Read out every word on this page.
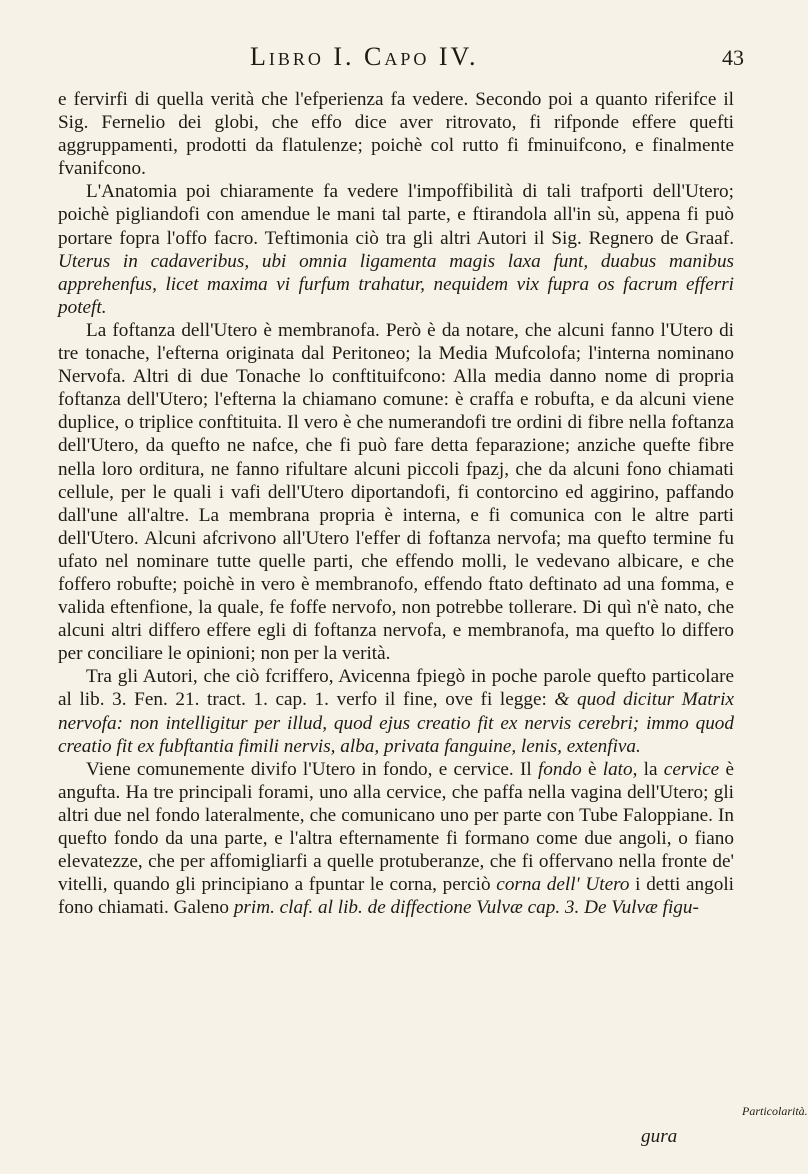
Libro I. Capo IV.	43

e fervirfi di quella verità che l'efperienza fa vedere. Secondo poi a quanto riferifce il Sig. Fernelio dei globi, che effo dice aver ritrovato, fi rifponde effere quefti aggruppamenti, prodotti da flatulenze; poichè col rutto fi fminuifcono, e finalmente fvanifcono.

L'Anatomia poi chiaramente fa vedere l'impoffibilità di tali trafporti dell'Utero; poichè pigliandofi con amendue le mani tal parte, e ftirandola all'in sù, appena fi può portare fopra l'offo facro. Teftimonia ciò tra gli altri Autori il Sig. Regnero de Graaf. Uterus in cadaveribus, ubi omnia ligamenta magis laxa funt, duabus manibus apprehenfus, licet maxima vi furfum trahatur, nequidem vix fupra os facrum efferri poteft.

La foftanza dell'Utero è membranofa. Però è da notare, che alcuni fanno l'Utero di tre tonache, l'efterna originata dal Peritoneo; la Media Mufcolofa; l'interna nominano Nervofa. Altri di due Tonache lo conftituifcono: Alla media danno nome di propria foftanza dell'Utero; l'efterna la chiamano comune: è craffa e robufta, e da alcuni viene duplice, o triplice conftituita. Il vero è che numerandofi tre ordini di fibre nella foftanza dell'Utero, da quefto ne nafce, che fi può fare detta feparazione; anziche quefte fibre nella loro orditura, ne fanno rifultare alcuni piccoli fpazj, che da alcuni fono chiamati cellule, per le quali i vafi dell'Utero diportandofi, fi contorcino ed aggirino, paffando dall'une all'altre. La membrana propria è interna, e fi comunica con le altre parti dell'Utero. Alcuni afcrivono all'Utero l'effer di foftanza nervofa; ma quefto termine fu ufato nel nominare tutte quelle parti, che effendo molli, le vedevano albicare, e che foffero robufte; poichè in vero è membranofo, effendo ftato deftinato ad una fomma, e valida eftenfione, la quale, fe foffe nervofo, non potrebbe tollerare. Di quì n'è nato, che alcuni altri differo effere egli di foftanza nervofa, e membranofa, ma quefto lo differo per conciliare le opinioni; non per la verità.

Tra gli Autori, che ciò fcriffero, Avicenna fpiegò in poche parole quefto particolare al lib. 3. Fen. 21. tract. 1. cap. 1. verfo il fine, ove fi legge: & quod dicitur Matrix nervofa: non intelligitur per illud, quod ejus creatio fit ex nervis cerebri; immo quod creatio fit ex fubftantia fimili nervis, alba, privata fanguine, lenis, extenfiva.

Viene comunemente divifo l'Utero in fondo, e cervice. Il fondo è lato, la cervice è angufta. Ha tre principali forami, uno alla cervice, che paffa nella vagina dell'Utero; gli altri due nel fondo lateralmente, che comunicano uno per parte con Tube Faloppiane. In quefto fondo da una parte, e l'altra efternamente fi formano come due angoli, o fiano elevatezze, che per affomigliarfi a quelle protuberanze, che fi offervano nella fronte de' vitelli, quando gli principiano a fpuntar le corna, perciò corna dell' Utero i detti angoli fono chiamati. Galeno prim. claf. al lib. de diffectione Vulvæ cap. 3. De Vulvæ figu-

Particolarità.
gura
